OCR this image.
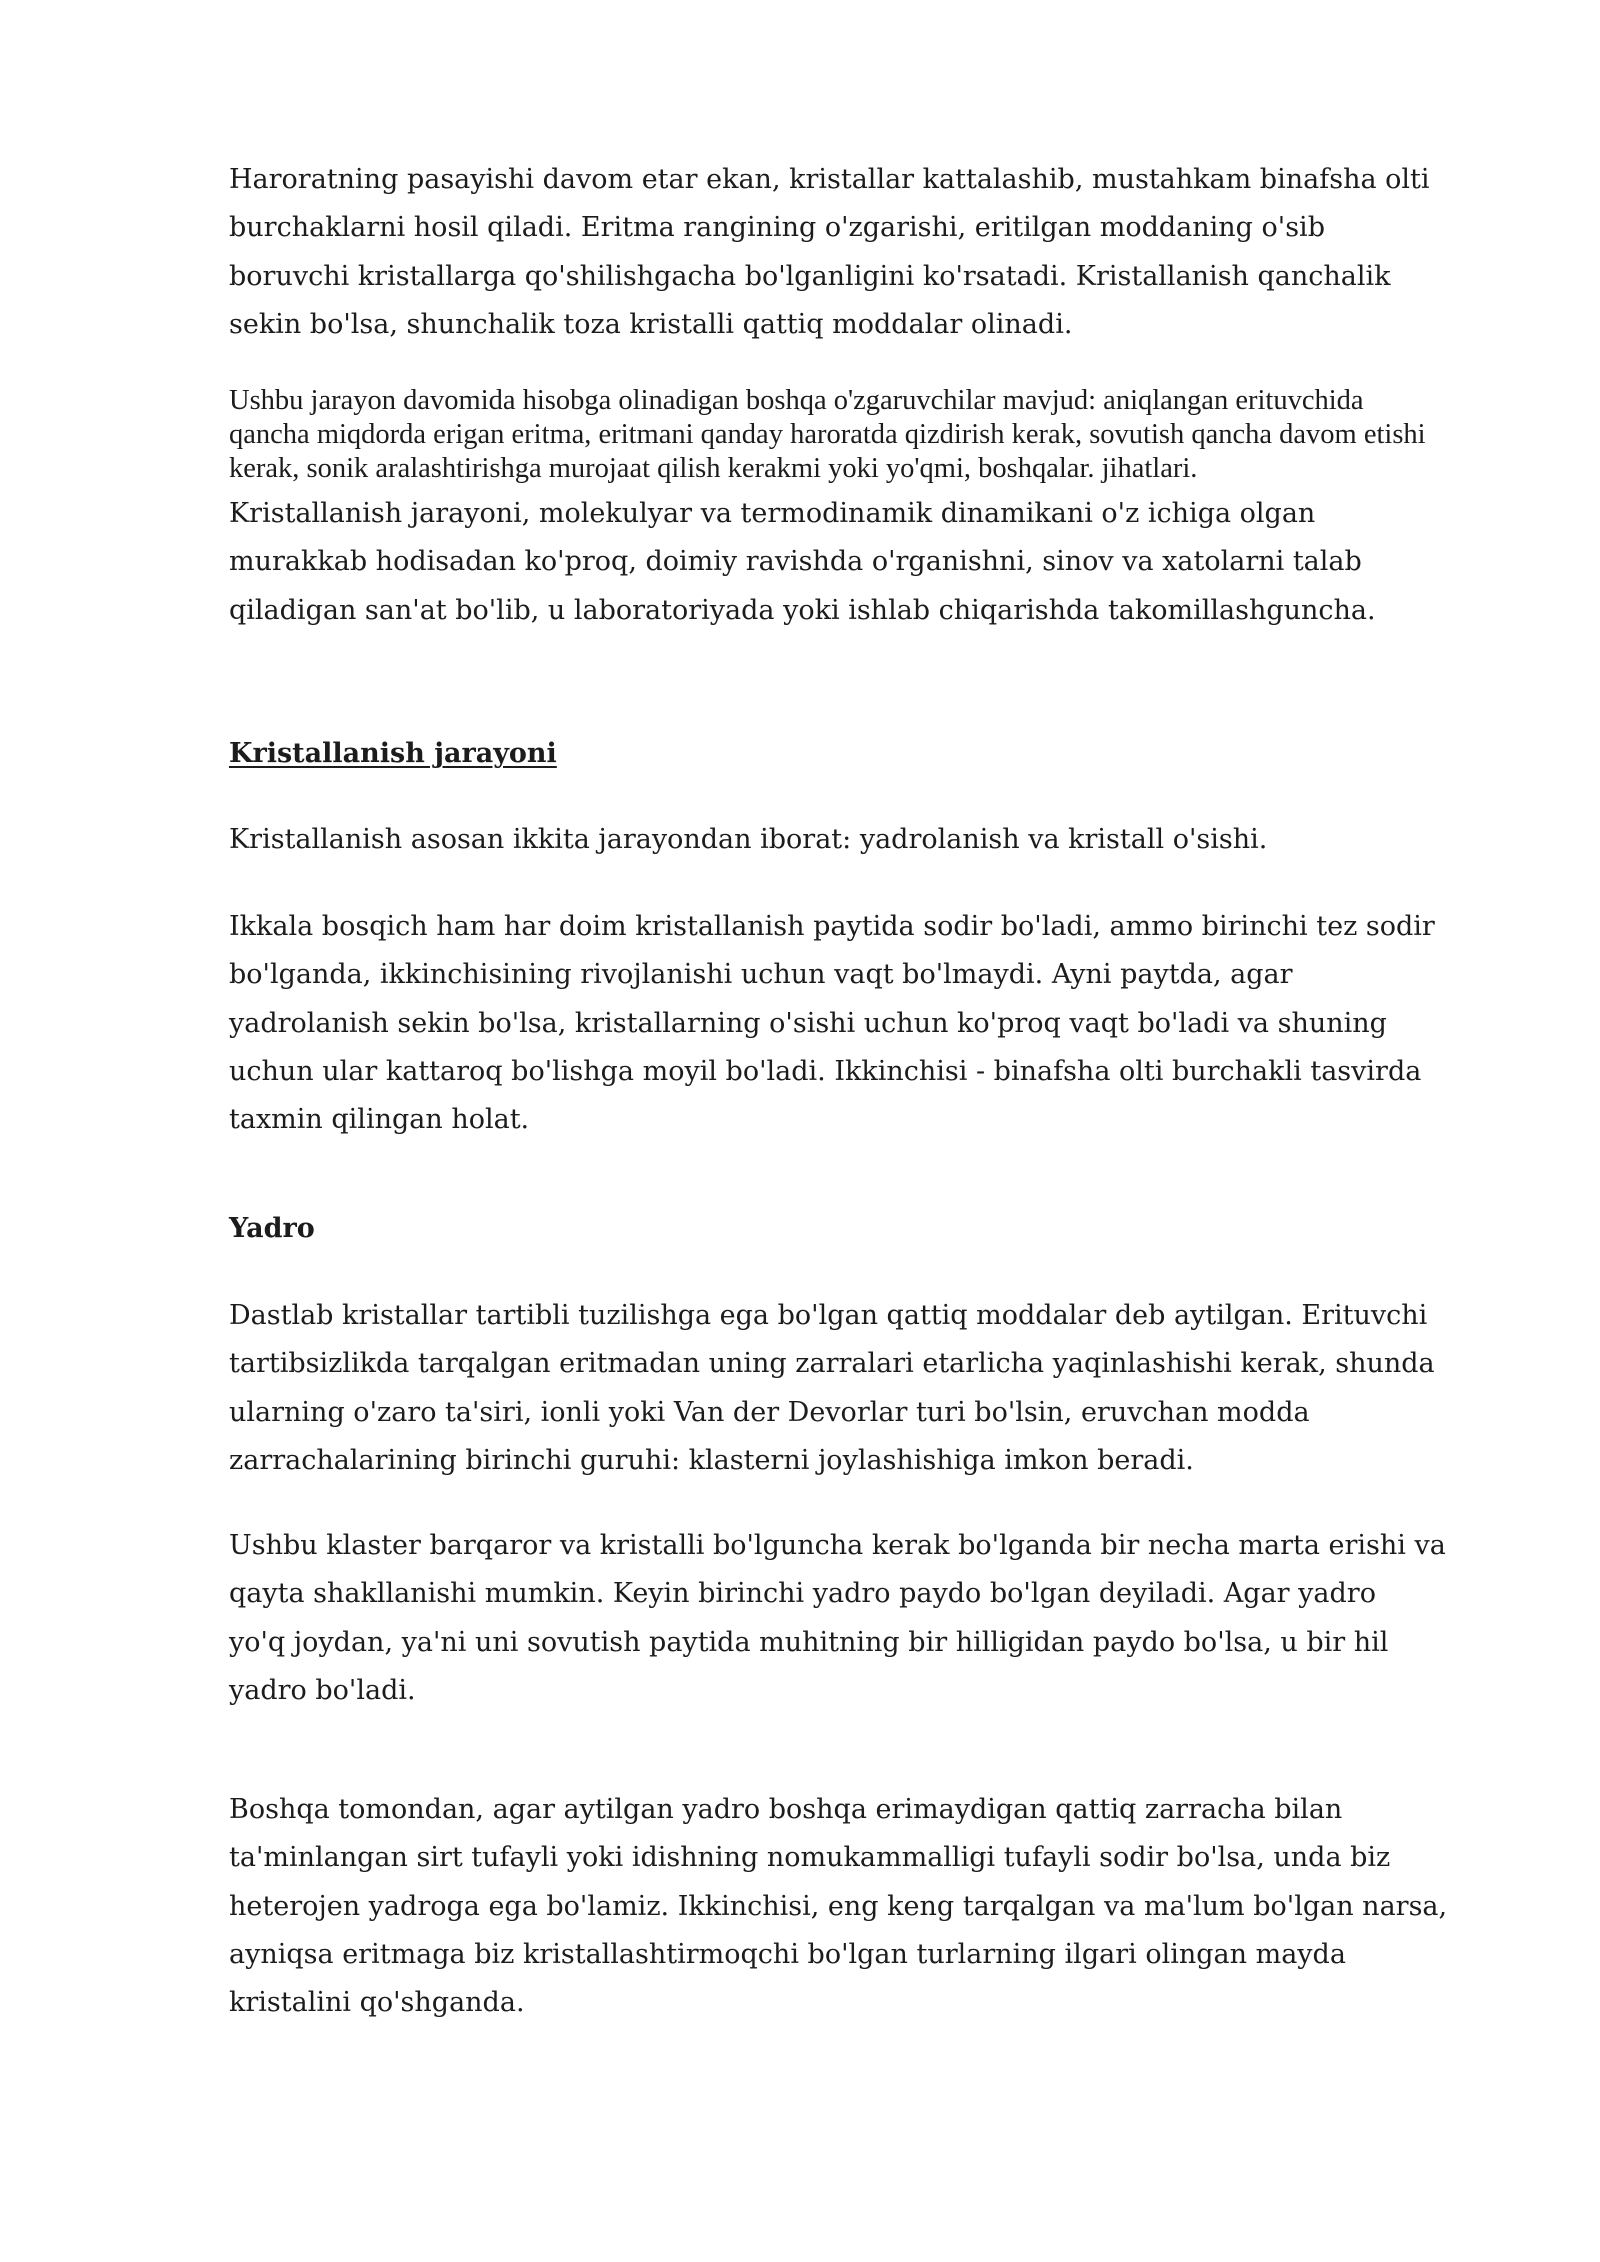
Haroratning pasayishi davom etar ekan, kristallar kattalashib, mustahkam binafsha olti
burchaklarni hosil qiladi. Eritma rangining o'zgarishi, eritilgan moddaning o'sib
boruvchi kristallarga qo'shilishgacha bo'lganligini ko'rsatadi. Kristallanish qanchalik
sekin bo'lsa, shunchalik toza kristalli qattiq moddalar olinadi.
Ushbu jarayon davomida hisobga olinadigan boshqa o'zgaruvchilar mavjud: aniqlangan erituvchida
qancha miqdorda erigan eritma, eritmani qanday haroratda qizdirish kerak, sovutish qancha davom etishi
kerak, sonik aralashtirishga murojaat qilish kerakmi yoki yo'qmi, boshqalar. jihatlari.
Kristallanish jarayoni, molekulyar va termodinamik dinamikani o'z ichiga olgan
murakkab hodisadan ko'proq, doimiy ravishda o'rganishni, sinov va xatolarni talab
qiladigan san'at bo'lib, u laboratoriyada yoki ishlab chiqarishda takomillashguncha.
Kristallanish jarayoni
Kristallanish asosan ikkita jarayondan iborat: yadrolanish va kristall o'sishi.
Ikkala bosqich ham har doim kristallanish paytida sodir bo'ladi, ammo birinchi tez sodir
bo'lganda, ikkinchisining rivojlanishi uchun vaqt bo'lmaydi. Ayni paytda, agar
yadrolanish sekin bo'lsa, kristallarning o'sishi uchun ko'proq vaqt bo'ladi va shuning
uchun ular kattaroq bo'lishga moyil bo'ladi. Ikkinchisi - binafsha olti burchakli tasvirda
taxmin qilingan holat.
Yadro
Dastlab kristallar tartibli tuzilishga ega bo'lgan qattiq moddalar deb aytilgan. Erituvchi
tartibsizlikda tarqalgan eritmadan uning zarralari etarlicha yaqinlashishi kerak, shunda
ularning o'zaro ta'siri, ionli yoki Van der Devorlar turi bo'lsin, eruvchan modda
zarrachalarining birinchi guruhi: klasterni joylashishiga imkon beradi.
Ushbu klaster barqaror va kristalli bo'lguncha kerak bo'lganda bir necha marta erishi va
qayta shakllanishi mumkin. Keyin birinchi yadro paydo bo'lgan deyiladi. Agar yadro
yo'q joydan, ya'ni uni sovutish paytida muhitning bir hilligidan paydo bo'lsa, u bir hil
yadro bo'ladi.
Boshqa tomondan, agar aytilgan yadro boshqa erimaydigan qattiq zarracha bilan
ta'minlangan sirt tufayli yoki idishning nomukammalligi tufayli sodir bo'lsa, unda biz
heterojen yadroga ega bo'lamiz. Ikkinchisi, eng keng tarqalgan va ma'lum bo'lgan narsa,
ayniqsa eritmaga biz kristallashtirmoqchi bo'lgan turlarning ilgari olingan mayda
kristalini qo'shganda.
